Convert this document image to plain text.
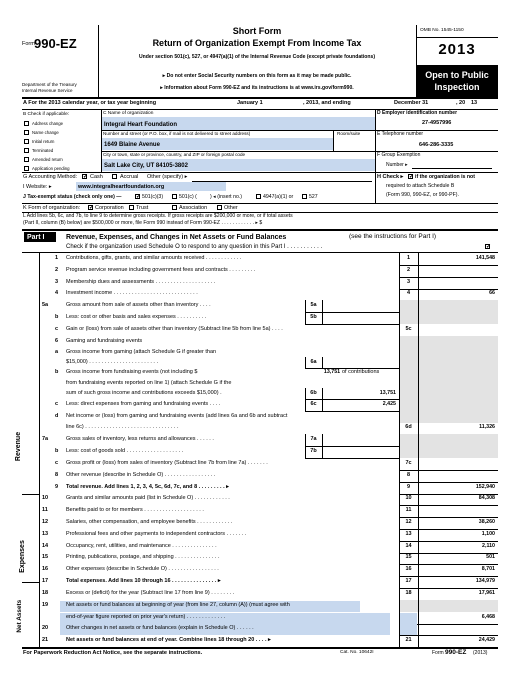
Form 990-EZ
Department of the Treasury
Internal Revenue Service
Short Form
Return of Organization Exempt From Income Tax
Under section 501(c), 527, or 4947(a)(1) of the Internal Revenue Code (except private foundations)
▸ Do not enter Social Security numbers on this form as it may be made public.
▸ Information about Form 990-EZ and its instructions is at www.irs.gov/form990.
OMB No. 1545-1150
2013
Open to Public Inspection
A For the 2013 calendar year, or tax year beginning	January 1	, 2013, and ending	December 31	, 20 13
B Check if applicable:
Address change
Name change
Initial return
Terminated
Amended return
Application pending
C Name of organization
Integral Heart Foundation
Number and street (or P.O. box, if mail is not delivered to street address)	Room/suite
1649 Blaine Avenue
City or town, state or province, country, and ZIP or foreign postal code
Salt Lake City, UT 84105-3802
D Employer identification number
27-4957996
E Telephone number
646-286-3335
F Group Exemption
Number ▸
G Accounting Method: ✓ Cash	Accrual Other (specify) ▸	H Check ▸ ✓ if the organization is not
required to attach Schedule B
(Form 990, 990-EZ, or 990-PF).
I Website: ▸	www.integralheartfoundation.org
J Tax-exempt status (check only one) — ✓	501(c)(3)	501(c) (	) ◂ (insert no.)	4947(a)(1) or	527
K Form of organization: ✓	Corporation Trust	Association	Other
L Add lines 5b, 6c, and 7b, to line 9 to determine gross receipts. If gross receipts are $200,000 or more, or if total assets
(Part II, column (B) below) are $500,000 or more, file Form 990 instead of Form 990-EZ . . . . . . . . . . . . ▸ $
Part I	Revenue, Expenses, and Changes in Net Assets or Fund Balances	(see the instructions for Part I)
Check if the organization used Schedule O to respond to any question in this Part I . . . . . . . . . . .
✓
Revenue
Expenses
Net Assets
For Paperwork Reduction Act Notice, see the separate instructions.	Cat. No. 10642I	Form 990-EZ (2013)
1 Contributions, gifts, grants, and similar amounts received . . . . . . . . . . . .	1	141,548
2 Program service revenue including government fees and contracts . . . . . . . . .	2
3 Membership dues and assessments . . . . . . . . . . . . . . . . . . . .	3
4 Investment income . . . . . . . . . . . . . . . . . . . . . . . . . . . .	4	66
5a	Gross amount from sale of assets other than inventory . . . .	5a
b Less: cost or other basis and sales expenses . . . . . . . . . .	5b
c Gain or (loss) from sale of assets other than inventory (Subtract line 5b from line 5a) . . . .	5c
6 Gaming and fundraising events
a Gross income from gaming (attach Schedule G if greater than
$15,000) . . . . . . . . . . . . . . . . . . . . . . .	6a
b Gross income from fundraising events (not including $	13,751 of contributions
from fundraising events reported on line 1) (attach Schedule G if the
sum of such gross income and contributions exceeds $15,000) .	6b	13,751
c Less: direct expenses from gaming and fundraising events . . . .	6c	2,425
d Net income or (loss) from gaming and fundraising events (add lines 6a and 6b and subtract
line 6c) . . . . . . . . . . . . . . . . . . . . . . . . . . . . . . .	6d	11,326
7a	Gross sales of inventory, less returns and allowances . . . . . .	7a
b Less: cost of goods sold . . . . . . . . . . . . . . . . . . .	7b
c Gross profit or (loss) from sales of inventory (Subtract line 7b from line 7a) . . . . . . .	7c
8 Other revenue (describe in Schedule O) . . . . . . . . . . . . . . . . .	8
9 Total revenue. Add lines 1, 2, 3, 4, 5c, 6d, 7c, and 8 . . . . . . . . . ▸	9	152,940
10	Grants and similar amounts paid (list in Schedule O) . . . . . . . . . . . .	10	84,308
11	Benefits paid to or for members . . . . . . . . . . . . . . . . . . . .	11
12	Salaries, other compensation, and employee benefits . . . . . . . . . . . .	12	38,260
13	Professional fees and other payments to independent contractors . . . . . . .	13	1,100
14	Occupancy, rent, utilities, and maintenance . . . . . . . . . . . . . . .	14	2,110
15	Printing, publications, postage, and shipping . . . . . . . . . . . . . . .	15	501
16	Other expenses (describe in Schedule O) . . . . . . . . . . . . . . . . .	16	8,701
17	Total expenses. Add lines 10 through 16 . . . . . . . . . . . . . . . ▸	17	134,979
18	Excess or (deficit) for the year (Subtract line 17 from line 9) . . . . . . . .	18	17,961
19	Net assets or fund balances at beginning of year (from line 27, column (A)) (must agree with
end-of-year figure reported on prior year's return) . . . . . . . . . . . . .	6,468
20	Other changes in net assets or fund balances (explain in Schedule O) . . . . . .
21	Net assets or fund balances at end of year. Combine lines 18 through 20 . . . . ▸	21	24,429
